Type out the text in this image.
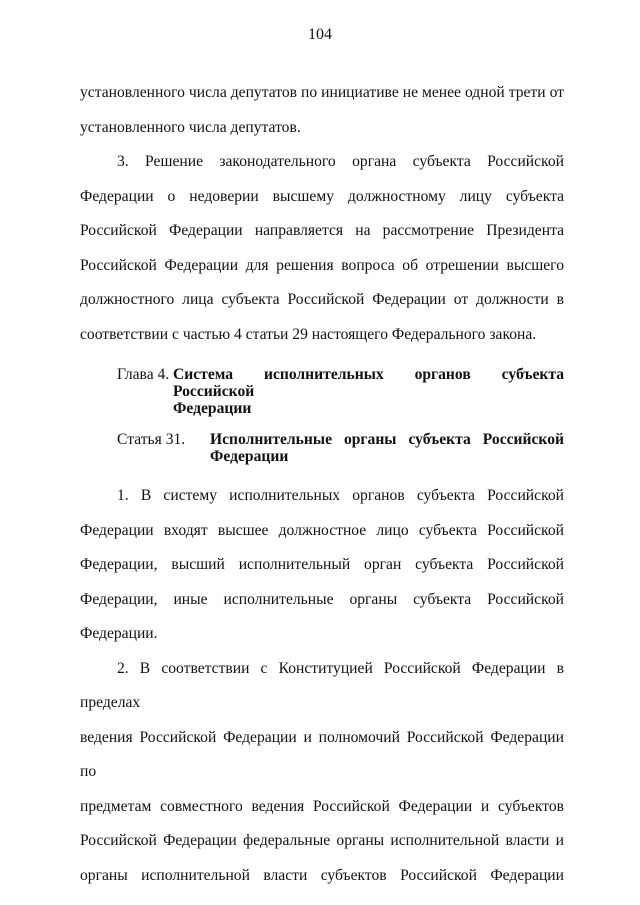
104

установленного числа депутатов по инициативе не менее одной трети от

установленного числа депутатов.

3. Решение законодательного органа субъекта Российской

Федерации о недоверии высшему должностному лицу субъекта

Российской Федерации направляется на рассмотрение Президента

Российской Федерации для решения вопроса об отрешении высшего

должностного лица субъекта Российской Федерации от должности в

соответствии с частью 4 статьи 29 настоящего Федерального закона.

Глава 4. Система исполнительных органов субъекта Российской
Федерации
Статья 31.	Исполнительные органы субъекта Российской
Федерации

1. В систему исполнительных органов субъекта Российской

Федерации входят высшее должностное лицо субъекта Российской

Федерации, высший исполнительный орган субъекта Российской

Федерации, иные исполнительные органы субъекта Российской

Федерации.

2. В соответствии с Конституцией Российской Федерации в пределах

ведения Российской Федерации и полномочий Российской Федерации по

предметам совместного ведения Российской Федерации и субъектов

Российской Федерации федеральные органы исполнительной власти и

органы исполнительной власти субъектов Российской Федерации
